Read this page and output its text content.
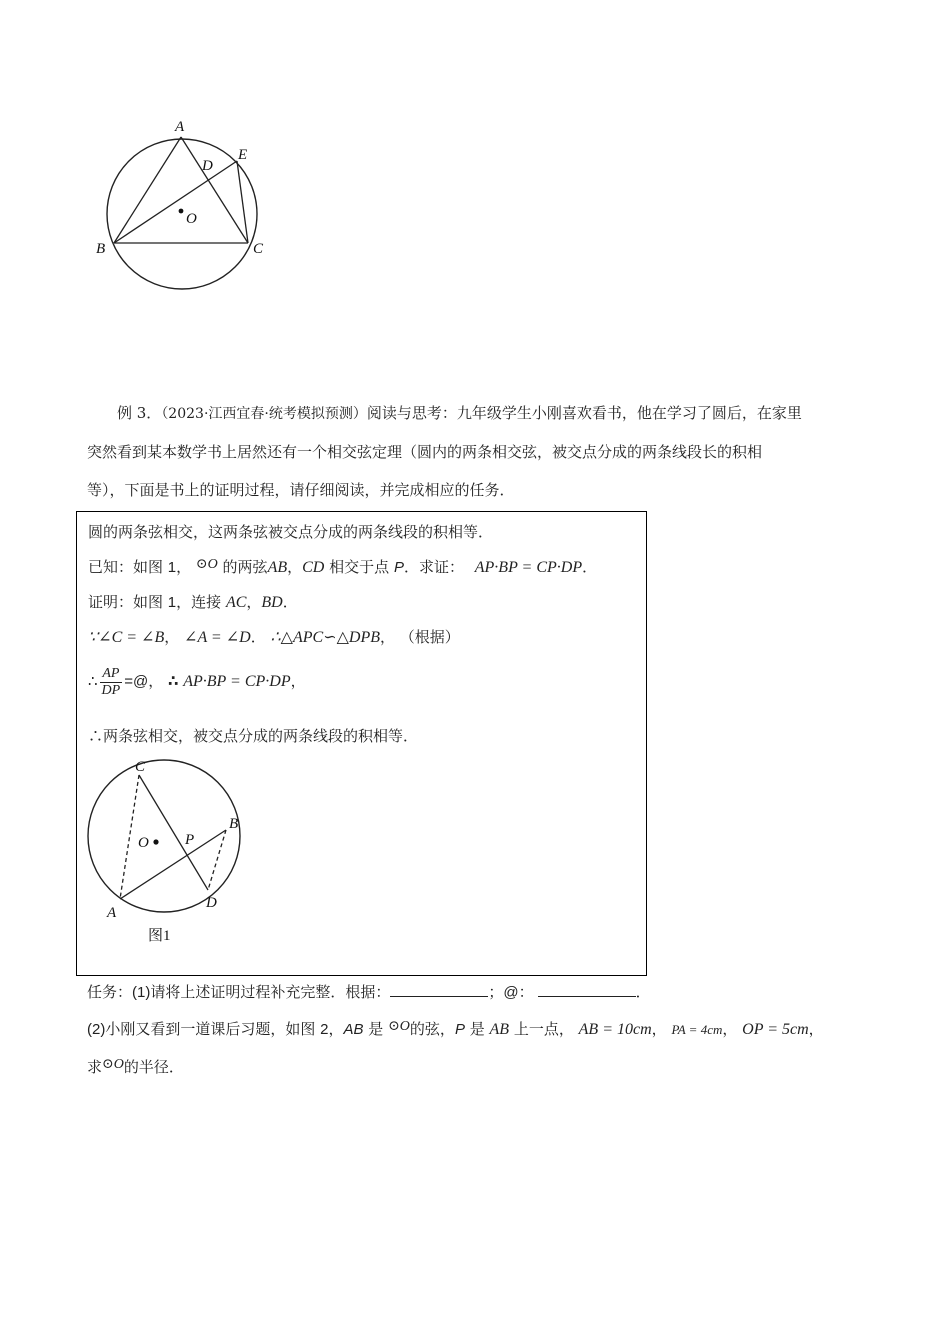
A
D
E
O
B	C
例 3．（2023·江西宜春·统考模拟预测）阅读与思考：九年级学生小刚喜欢看书，他在学习了圆后，在家里
突然看到某本数学书上居然还有一个相交弦定理（圆内的两条相交弦，被交点分成的两条线段长的积相
等），下面是书上的证明过程，请仔细阅读，并完成相应的任务．
圆的两条弦相交，这两条弦被交点分成的两条线段的积相等．
已知：如图 1， ⊙O 的两弦AB，CD 相交于点 P．求证： AP·BP = CP·DP．
证明：如图 1，连接 AC，BD．
∵∠C = ∠B， ∠A = ∠D． ∴△APC∽△DPB， （根据）
∴ $\frac{AP}{DP}$ =@， ∴ AP·BP = CP·DP，
∴两条弦相交，被交点分成的两条线段的积相等．
C
B
O P
A
D
图1
任务：(1)请将上述证明过程补充完整．根据：	；@：	．
(2)小刚又看到一道课后习题，如图 2，AB 是 ⊙O的弦，P 是 AB 上一点， AB = 10cm， PA = 4cm， OP = 5cm，
求⊙O的半径．
